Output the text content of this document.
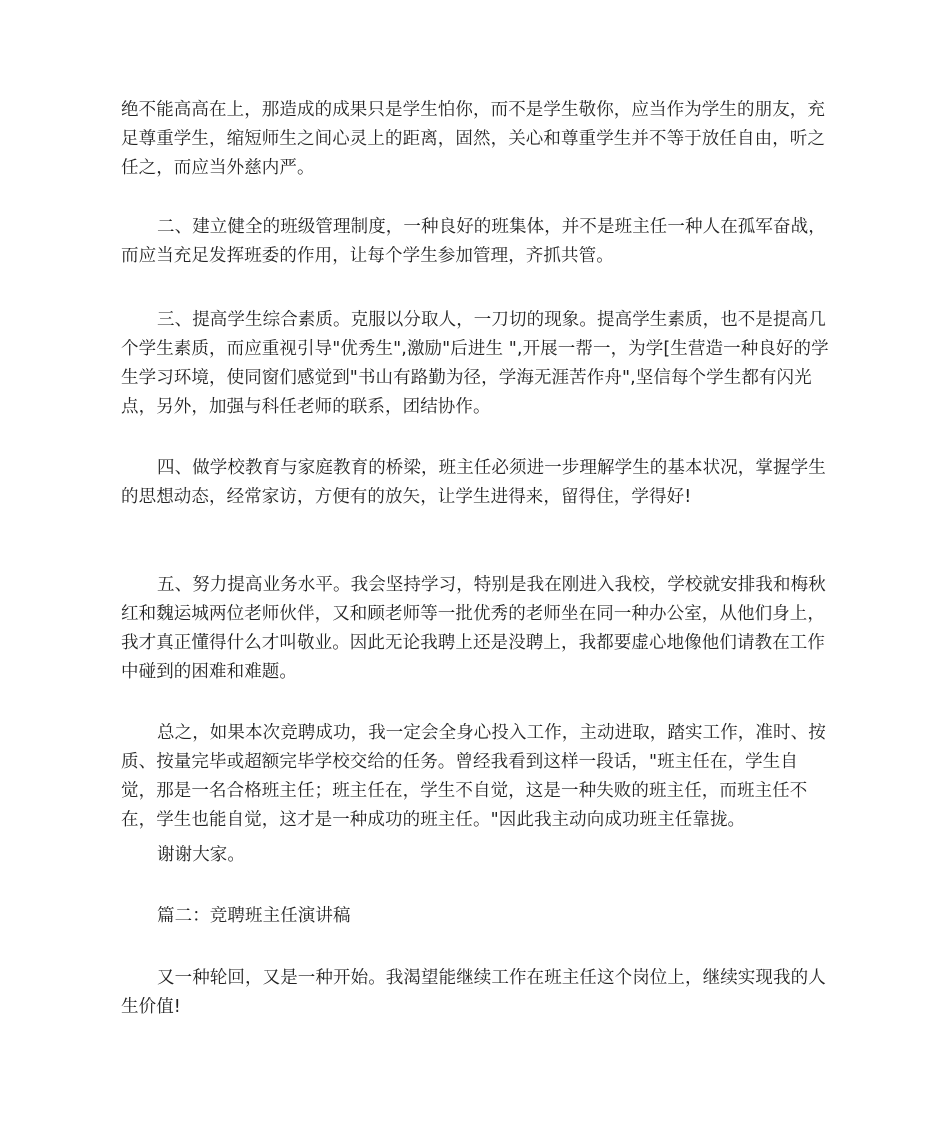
绝不能高高在上，那造成的成果只是学生怕你，而不是学生敬你，应当作为学生的朋友，充足尊重学生，缩短师生之间心灵上的距离，固然，关心和尊重学生并不等于放任自由，听之任之，而应当外慈内严。

二、建立健全的班级管理制度，一种良好的班集体，并不是班主任一种人在孤军奋战，而应当充足发挥班委的作用，让每个学生参加管理，齐抓共管。

三、提高学生综合素质。克服以分取人，一刀切的现象。提高学生素质，也不是提高几个学生素质，而应重视引导"优秀生",激励"后进生 ",开展一帮一，为学[生营造一种良好的学生学习环境，使同窗们感觉到"书山有路勤为径，学海无涯苦作舟",坚信每个学生都有闪光点，另外，加强与科任老师的联系，团结协作。

四、做学校教育与家庭教育的桥梁，班主任必须进一步理解学生的基本状况，掌握学生的思想动态，经常家访，方便有的放矢，让学生进得来，留得住，学得好!

五、努力提高业务水平。我会坚持学习，特别是我在刚进入我校，学校就安排我和梅秋红和魏运城两位老师伙伴，又和顾老师等一批优秀的老师坐在同一种办公室，从他们身上，我才真正懂得什么才叫敬业。因此无论我聘上还是没聘上，我都要虚心地像他们请教在工作中碰到的困难和难题。

总之，如果本次竞聘成功，我一定会全身心投入工作，主动进取，踏实工作，准时、按质、按量完毕或超额完毕学校交给的任务。曾经我看到这样一段话，"班主任在，学生自觉，那是一名合格班主任；班主任在，学生不自觉，这是一种失败的班主任，而班主任不在，学生也能自觉，这才是一种成功的班主任。"因此我主动向成功班主任靠拢。

谢谢大家。

篇二：竞聘班主任演讲稿

又一种轮回，又是一种开始。我渴望能继续工作在班主任这个岗位上，继续实现我的人生价值!
